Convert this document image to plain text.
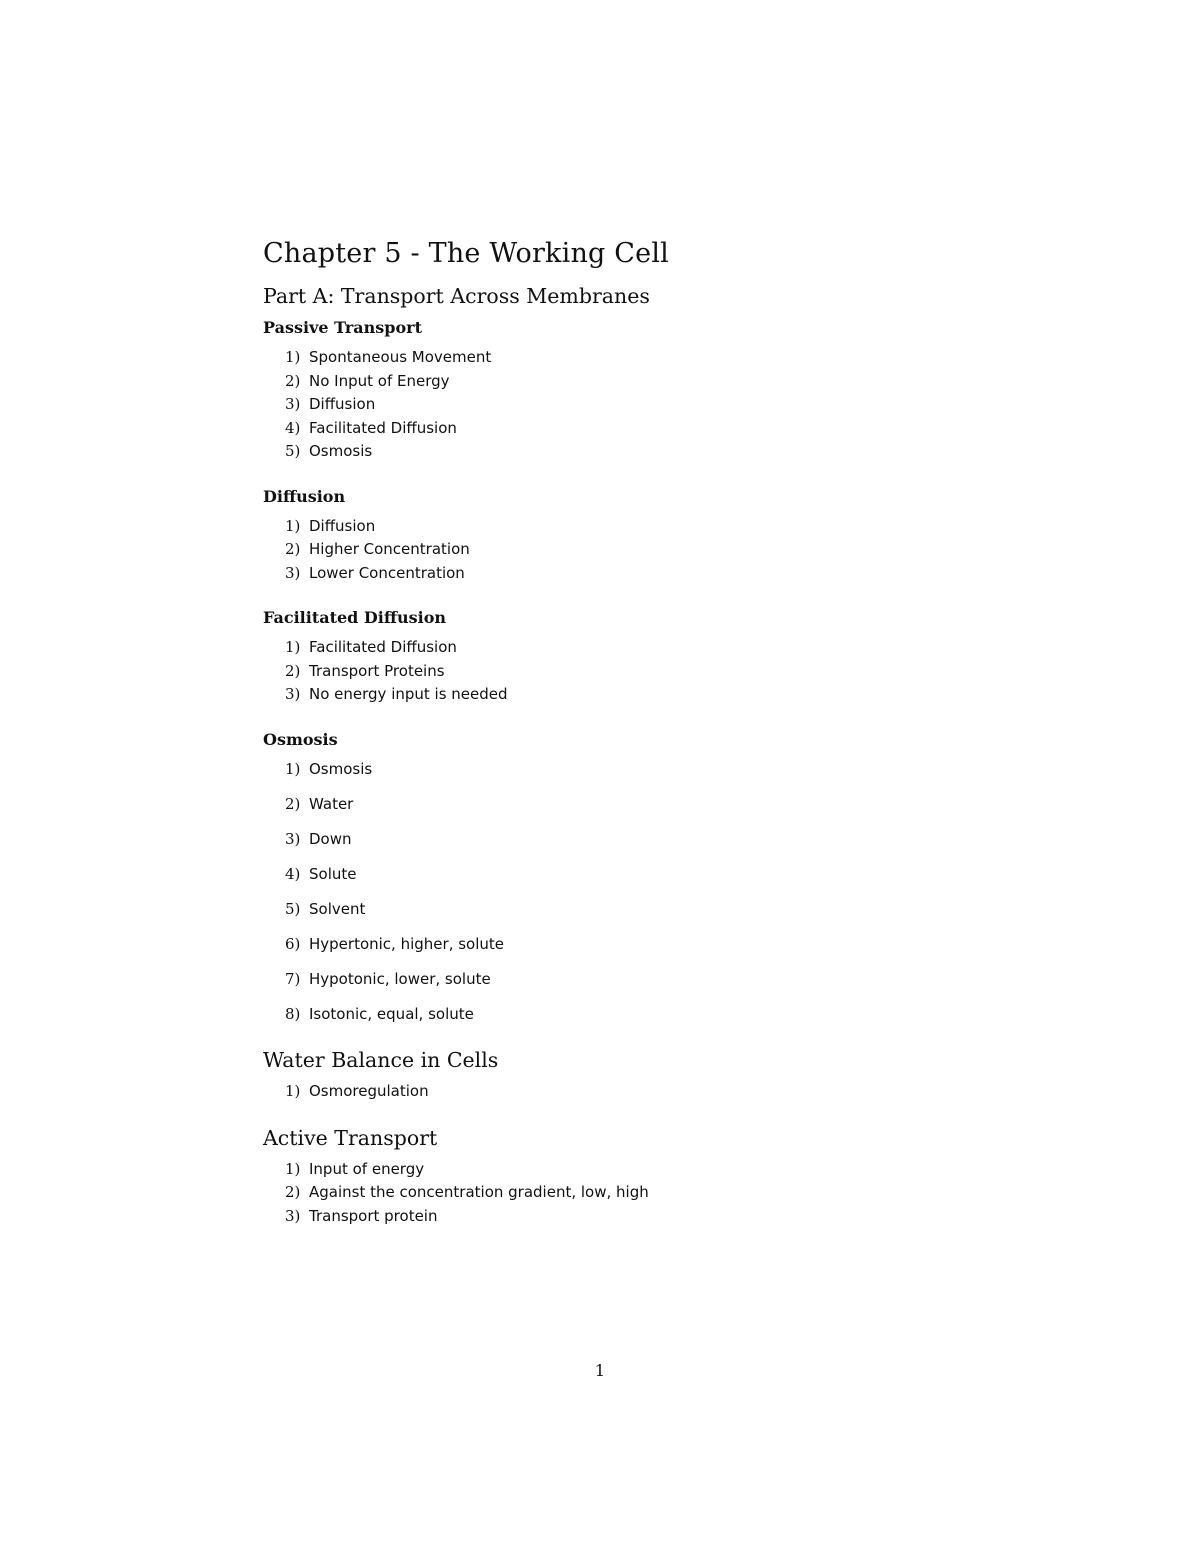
Chapter 5 - The Working Cell
Part A: Transport Across Membranes
Passive Transport
1) Spontaneous Movement
2) No Input of Energy
3) Diffusion
4) Facilitated Diffusion
5) Osmosis
Diffusion
1) Diffusion
2) Higher Concentration
3) Lower Concentration
Facilitated Diffusion
1) Facilitated Diffusion
2) Transport Proteins
3) No energy input is needed
Osmosis
1) Osmosis
2) Water
3) Down
4) Solute
5) Solvent
6) Hypertonic, higher, solute
7) Hypotonic, lower, solute
8) Isotonic, equal, solute
Water Balance in Cells
1) Osmoregulation
Active Transport
1) Input of energy
2) Against the concentration gradient, low, high
3) Transport protein
1
